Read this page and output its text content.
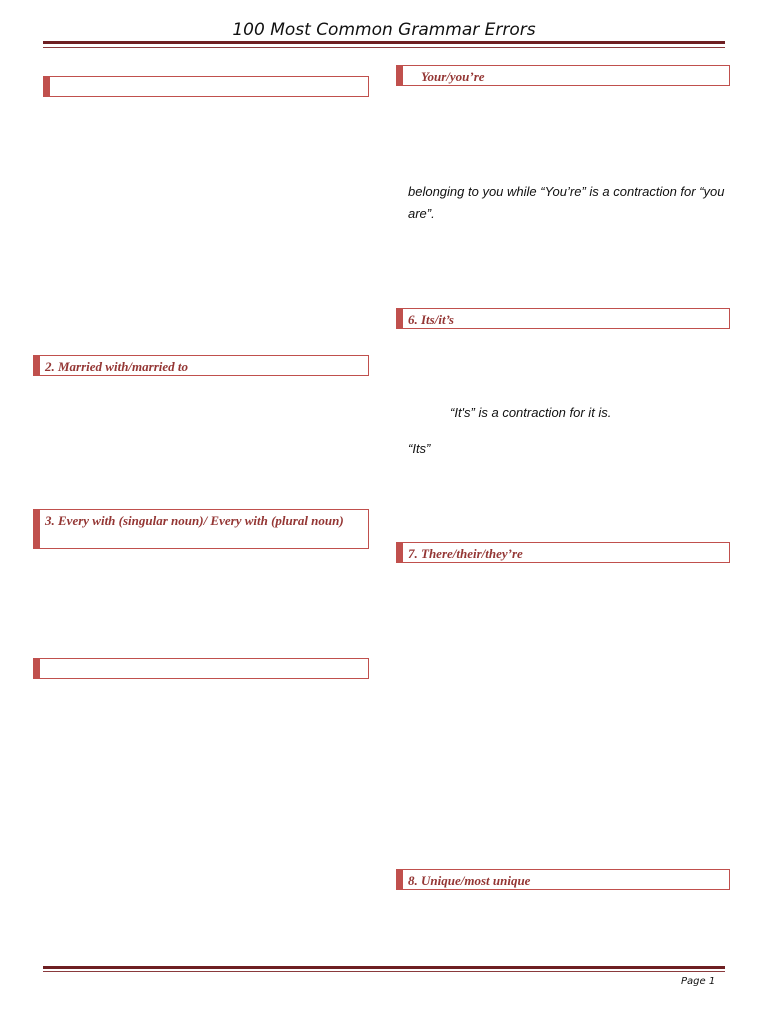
100 Most Common Grammar Errors
2. Married with/married to
3. Every with (singular noun)/ Every with (plural noun)
Your/you’re
belonging to you while “You’re” is a contraction for “you are”.
6. Its/it’s
“It's” is a contraction for it is.
“Its”
7. There/their/they’re
8. Unique/most unique
Page 1
